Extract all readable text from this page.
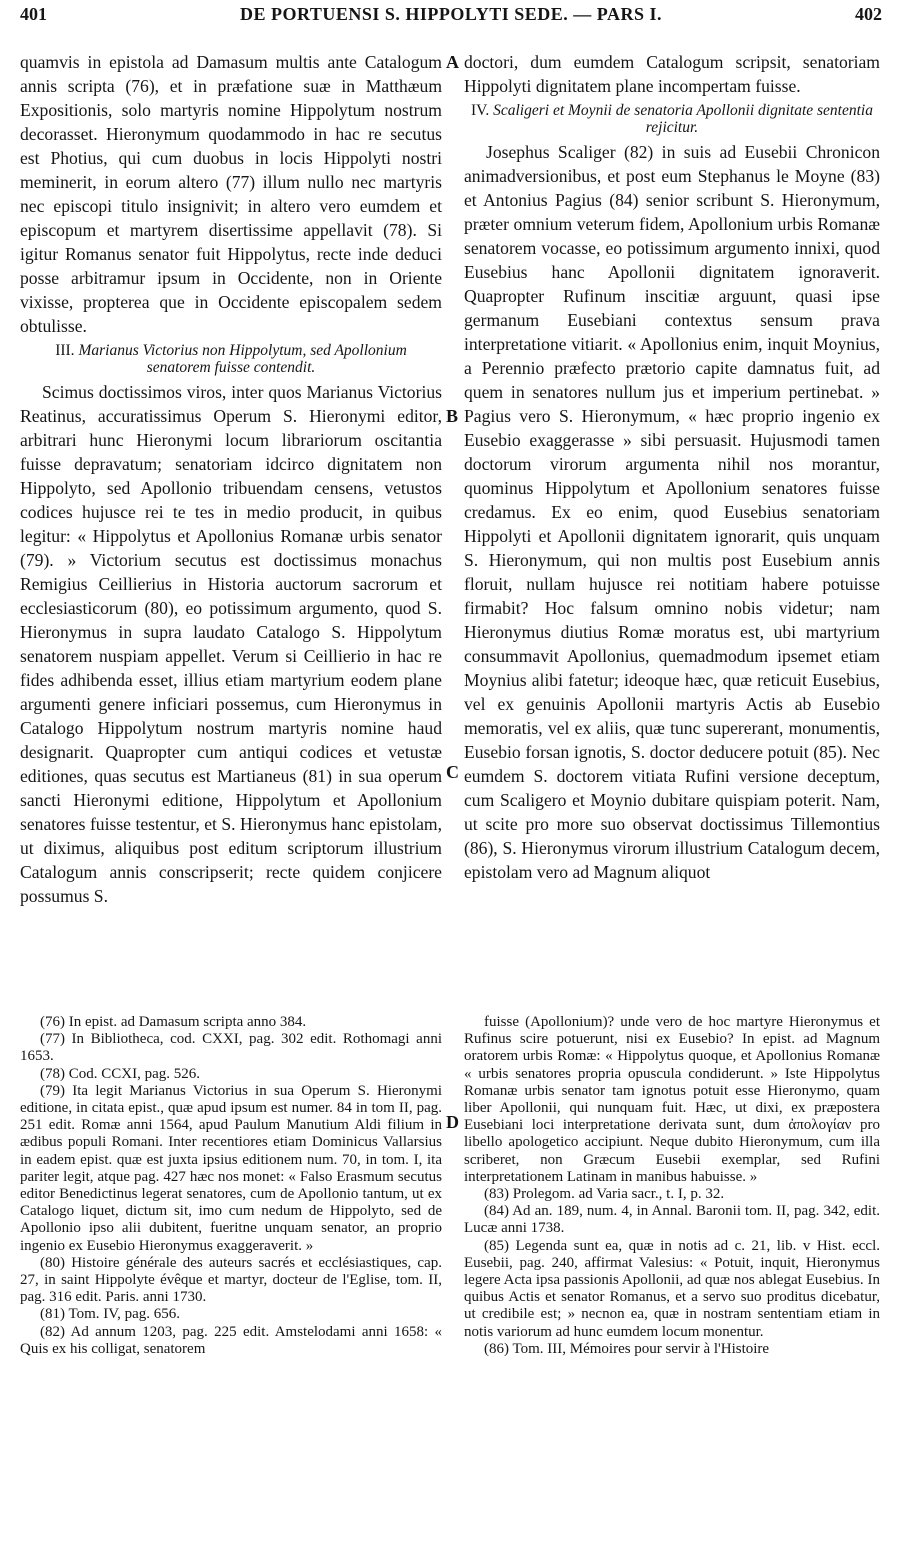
401	DE PORTUENSI S. HIPPOLYTI SEDE. — PARS I.	402
A
B
C
D

quamvis in epistola ad Damasum multis ante Catalogum annis scripta (76), et in præfatione suæ in Matthæum Expositionis, solo martyris nomine Hippolytum nostrum decorasset. Hieronymum quodammodo in hac re secutus est Photius, qui cum duobus in locis Hippolyti nostri meminerit, in eorum altero (77) illum nullo nec martyris nec episcopi titulo insignivit; in altero vero eumdem et episcopum et martyrem disertissime appellavit (78). Si igitur Romanus senator fuit Hippolytus, recte inde deduci posse arbitramur ipsum in Occidente, non in Oriente vixisse, propterea que in Occidente episcopalem sedem obtulisse.

III. Marianus Victorius non Hippolytum, sed Apollonium senatorem fuisse contendit.

Scimus doctissimos viros, inter quos Marianus Victorius Reatinus, accuratissimus Operum S. Hieronymi editor, arbitrari hunc Hieronymi locum librariorum oscitantia fuisse depravatum; senatoriam idcirco dignitatem non Hippolyto, sed Apollonio tribuendam censens, vetustos codices hujusce rei te tes in medio producit, in quibus legitur: « Hippolytus et Apollonius Romanæ urbis senator (79). » Victorium secutus est doctissimus monachus Remigius Ceillierius in Historia auctorum sacrorum et ecclesiasticorum (80), eo potissimum argumento, quod S. Hieronymus in supra laudato Catalogo S. Hippolytum senatorem nuspiam appellet. Verum si Ceillierio in hac re fides adhibenda esset, illius etiam martyrium eodem plane argumenti genere inficiari possemus, cum Hieronymus in Catalogo Hippolytum nostrum martyris nomine haud designarit. Quapropter cum antiqui codices et vetustæ editiones, quas secutus est Martianeus (81) in sua operum sancti Hieronymi editione, Hippolytum et Apollonium senatores fuisse testentur, et S. Hieronymus hanc epistolam, ut diximus, aliquibus post editum scriptorum illustrium Catalogum annis conscripserit; recte quidem conjicere possumus S.

doctori, dum eumdem Catalogum scripsit, senatoriam Hippolyti dignitatem plane incompertam fuisse.

IV. Scaligeri et Moynii de senatoria Apollonii dignitate sententia rejicitur.

Josephus Scaliger (82) in suis ad Eusebii Chronicon animadversionibus, et post eum Stephanus le Moyne (83) et Antonius Pagius (84) senior scribunt S. Hieronymum, præter omnium veterum fidem, Apollonium urbis Romanæ senatorem vocasse, eo potissimum argumento innixi, quod Eusebius hanc Apollonii dignitatem ignoraverit. Quapropter Rufinum inscitiæ arguunt, quasi ipse germanum Eusebiani contextus sensum prava interpretatione vitiarit. « Apollonius enim, inquit Moynius, a Perennio præfecto prætorio capite damnatus fuit, ad quem in senatores nullum jus et imperium pertinebat. » Pagius vero S. Hieronymum, « hæc proprio ingenio ex Eusebio exaggerasse » sibi persuasit. Hujusmodi tamen doctorum virorum argumenta nihil nos morantur, quominus Hippolytum et Apollonium senatores fuisse credamus. Ex eo enim, quod Eusebius senatoriam Hippolyti et Apollonii dignitatem ignorarit, quis unquam S. Hieronymum, qui non multis post Eusebium annis floruit, nullam hujusce rei notitiam habere potuisse firmabit? Hoc falsum omnino nobis videtur; nam Hieronymus diutius Romæ moratus est, ubi martyrium consummavit Apollonius, quemadmodum ipsemet etiam Moynius alibi fatetur; ideoque hæc, quæ reticuit Eusebius, vel ex genuinis Apollonii martyris Actis ab Eusebio memoratis, vel ex aliis, quæ tunc supererant, monumentis, Eusebio forsan ignotis, S. doctor deducere potuit (85). Nec eumdem S. doctorem vitiata Rufini versione deceptum, cum Scaligero et Moynio dubitare quispiam poterit. Nam, ut scite pro more suo observat doctissimus Tillemontius (86), S. Hieronymus virorum illustrium Catalogum decem, epistolam vero ad Magnum aliquot

(76) In epist. ad Damasum scripta anno 384.

(77) In Bibliotheca, cod. CXXI, pag. 302 edit. Rothomagi anni 1653.

(78) Cod. CCXI, pag. 526.

(79) Ita legit Marianus Victorius in sua Operum S. Hieronymi editione, in citata epist., quæ apud ipsum est numer. 84 in tom II, pag. 251 edit. Romæ anni 1564, apud Paulum Manutium Aldi filium in ædibus populi Romani. Inter recentiores etiam Dominicus Vallarsius in eadem epist. quæ est juxta ipsius editionem num. 70, in tom. I, ita pariter legit, atque pag. 427 hæc nos monet: « Falso Erasmum secutus editor Benedictinus legerat senatores, cum de Apollonio tantum, ut ex Catalogo liquet, dictum sit, imo cum nedum de Hippolyto, sed de Apollonio ipso alii dubitent, fueritne unquam senator, an proprio ingenio ex Eusebio Hieronymus exaggeraverit. »

(80) Histoire générale des auteurs sacrés et ecclésiastiques, cap. 27, in saint Hippolyte évêque et martyr, docteur de l'Eglise, tom. II, pag. 316 edit. Paris. anni 1730.

(81) Tom. IV, pag. 656.

(82) Ad annum 1203, pag. 225 edit. Amstelodami anni 1658: « Quis ex his colligat, senatorem

fuisse (Apollonium)? unde vero de hoc martyre Hieronymus et Rufinus scire potuerunt, nisi ex Eusebio? In epist. ad Magnum oratorem urbis Romæ: « Hippolytus quoque, et Apollonius Romanæ « urbis senatores propria opuscula condiderunt. » Iste Hippolytus Romanæ urbis senator tam ignotus potuit esse Hieronymo, quam liber Apollonii, qui nunquam fuit. Hæc, ut dixi, ex præpostera Eusebiani loci interpretatione derivata sunt, dum ἀπολογίαν pro libello apologetico accipiunt. Neque dubito Hieronymum, cum illa scriberet, non Græcum Eusebii exemplar, sed Rufini interpretationem Latinam in manibus habuisse. »

(83) Prolegom. ad Varia sacr., t. I, p. 32.

(84) Ad an. 189, num. 4, in Annal. Baronii tom. II, pag. 342, edit. Lucæ anni 1738.

(85) Legenda sunt ea, quæ in notis ad c. 21, lib. v Hist. eccl. Eusebii, pag. 240, affirmat Valesius: « Potuit, inquit, Hieronymus legere Acta ipsa passionis Apollonii, ad quæ nos ablegat Eusebius. In quibus Actis et senator Romanus, et a servo suo proditus dicebatur, ut credibile est; » necnon ea, quæ in nostram sententiam etiam in notis variorum ad hunc eumdem locum monentur.

(86) Tom. III, Mémoires pour servir à l'Histoire
